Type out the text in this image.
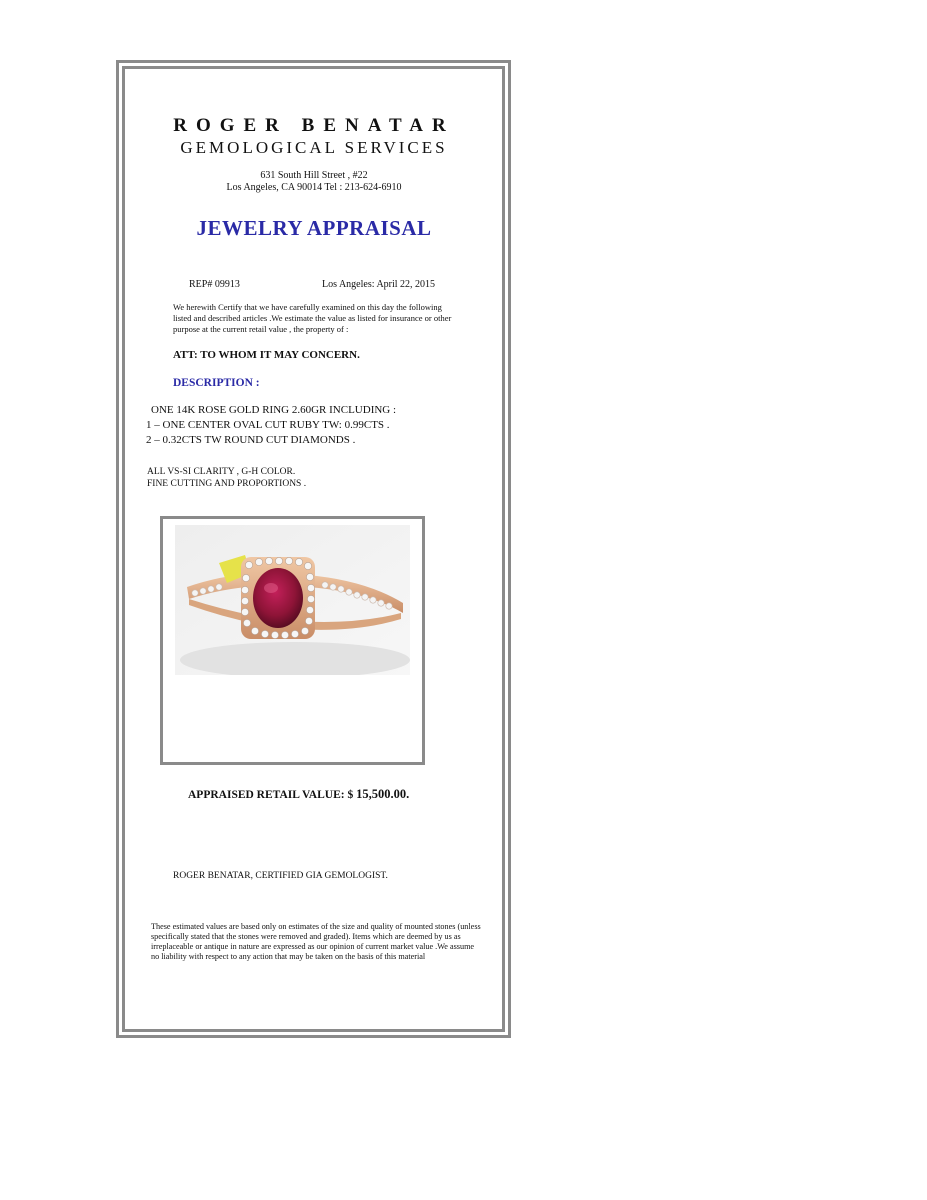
ROGER BENATAR
GEMOLOGICAL SERVICES
631 South Hill Street , #22
Los Angeles, CA 90014 Tel : 213-624-6910
JEWELRY APPRAISAL
REP# 09913	Los Angeles: April 22, 2015
We herewith Certify that we have carefully examined on this day the following listed and described articles .We estimate the value as listed for insurance or other purpose at the current retail value , the property of :
ATT: TO WHOM IT MAY CONCERN.
DESCRIPTION :
ONE 14K ROSE GOLD RING 2.60GR INCLUDING :
1 – ONE CENTER OVAL CUT RUBY TW: 0.99CTS .
2 – 0.32CTS TW ROUND CUT DIAMONDS .
ALL VS-SI CLARITY , G-H COLOR.
FINE CUTTING AND PROPORTIONS .
APPRAISED RETAIL VALUE: $ 15,500.00.
ROGER BENATAR, CERTIFIED GIA GEMOLOGIST.
These estimated values are based only on estimates of the size and quality of mounted stones (unless specifically stated that the stones were removed and graded). Items which are deemed by us as irreplaceable or antique in nature are expressed as our opinion of current market value .We assume no liability with respect to any action that may be taken on the basis of this material
